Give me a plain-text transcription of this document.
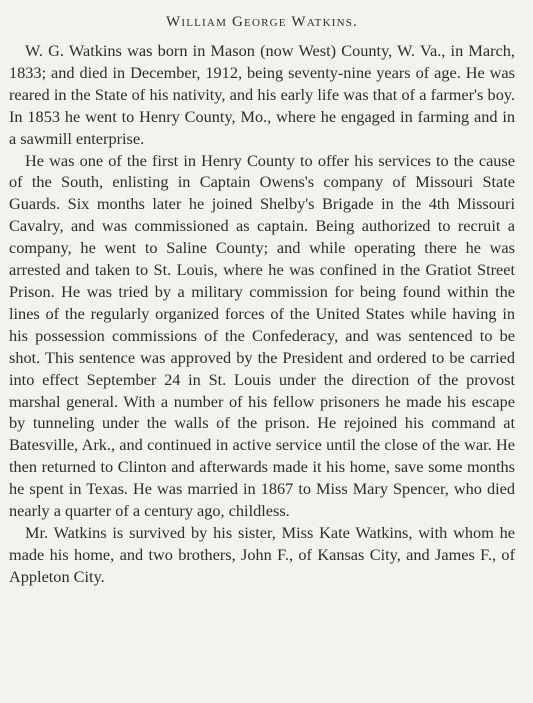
William George Watkins.

W. G. Watkins was born in Mason (now West) County, W. Va., in March, 1833; and died in December, 1912, being seventy-nine years of age. He was reared in the State of his nativity, and his early life was that of a farmer's boy. In 1853 he went to Henry County, Mo., where he engaged in farming and in a sawmill enterprise.

He was one of the first in Henry County to offer his services to the cause of the South, enlisting in Captain Owens's company of Missouri State Guards. Six months later he joined Shelby's Brigade in the 4th Missouri Cavalry, and was commissioned as captain. Being authorized to recruit a company, he went to Saline County; and while operating there he was arrested and taken to St. Louis, where he was confined in the Gratiot Street Prison. He was tried by a military commission for being found within the lines of the regularly organized forces of the United States while having in his possession commissions of the Confederacy, and was sentenced to be shot. This sentence was approved by the President and ordered to be carried into effect September 24 in St. Louis under the direction of the provost marshal general. With a number of his fellow prisoners he made his escape by tunneling under the walls of the prison. He rejoined his command at Batesville, Ark., and continued in active service until the close of the war. He then returned to Clinton and afterwards made it his home, save some months he spent in Texas. He was married in 1867 to Miss Mary Spencer, who died nearly a quarter of a century ago, childless.

Mr. Watkins is survived by his sister, Miss Kate Watkins, with whom he made his home, and two brothers, John F., of Kansas City, and James F., of Appleton City.
